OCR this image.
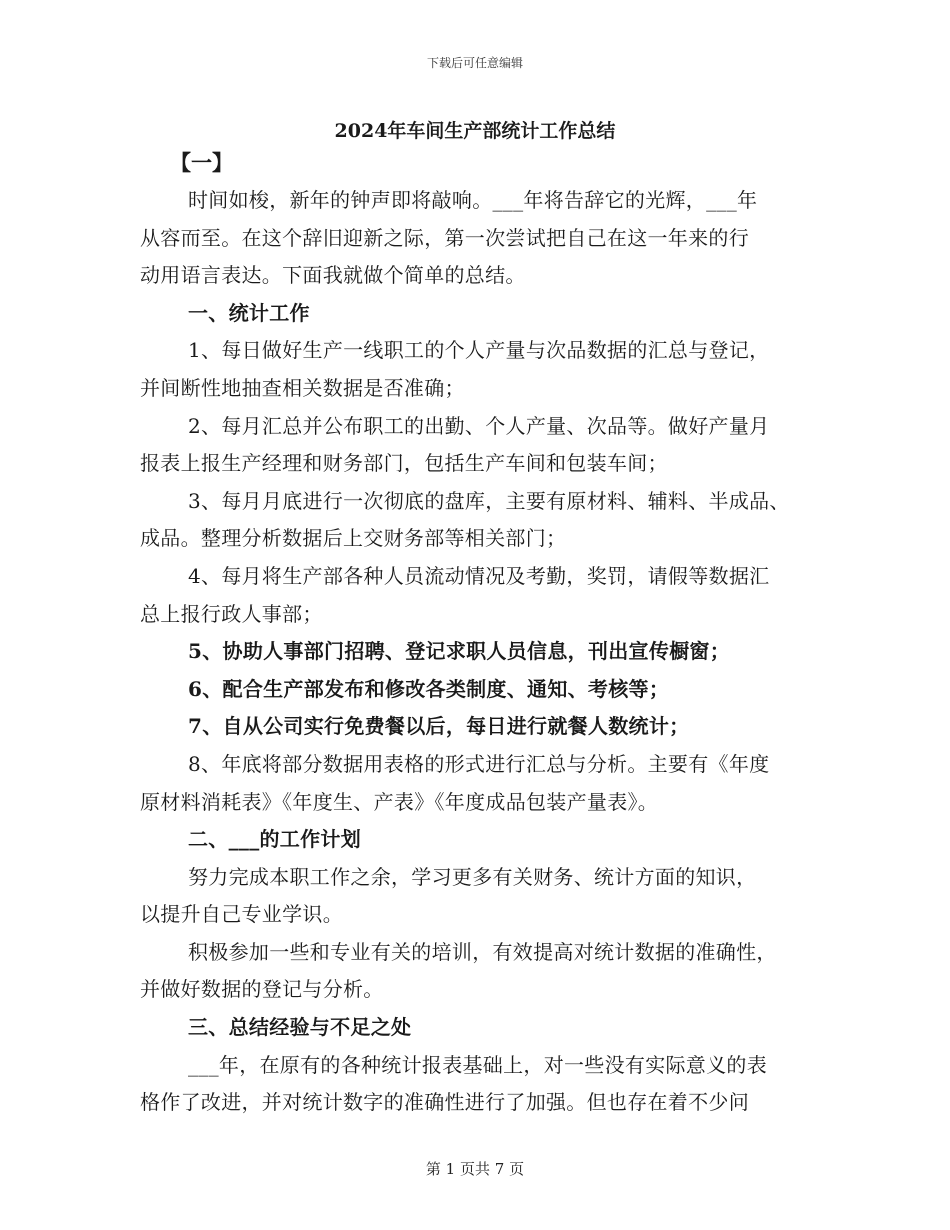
下载后可任意编辑
2024年车间生产部统计工作总结
【一】
时间如梭，新年的钟声即将敲响。___年将告辞它的光辉，___年
从容而至。在这个辞旧迎新之际，第一次尝试把自己在这一年来的行
动用语言表达。下面我就做个简单的总结。
一、统计工作
1、每日做好生产一线职工的个人产量与次品数据的汇总与登记，
并间断性地抽查相关数据是否准确；
2、每月汇总并公布职工的出勤、个人产量、次品等。做好产量月
报表上报生产经理和财务部门，包括生产车间和包装车间；
3、每月月底进行一次彻底的盘库，主要有原材料、辅料、半成品、
成品。整理分析数据后上交财务部等相关部门；
4、每月将生产部各种人员流动情况及考勤，奖罚，请假等数据汇
总上报行政人事部；
5、协助人事部门招聘、登记求职人员信息，刊出宣传橱窗；
6、配合生产部发布和修改各类制度、通知、考核等；
7、自从公司实行免费餐以后，每日进行就餐人数统计；
8、年底将部分数据用表格的形式进行汇总与分析。主要有《年度
原材料消耗表》《年度生、产表》《年度成品包装产量表》。
二、___的工作计划
努力完成本职工作之余，学习更多有关财务、统计方面的知识，
以提升自己专业学识。
积极参加一些和专业有关的培训，有效提高对统计数据的准确性，
并做好数据的登记与分析。
三、总结经验与不足之处
___年，在原有的各种统计报表基础上，对一些没有实际意义的表
格作了改进，并对统计数字的准确性进行了加强。但也存在着不少问
第 1 页共 7 页
